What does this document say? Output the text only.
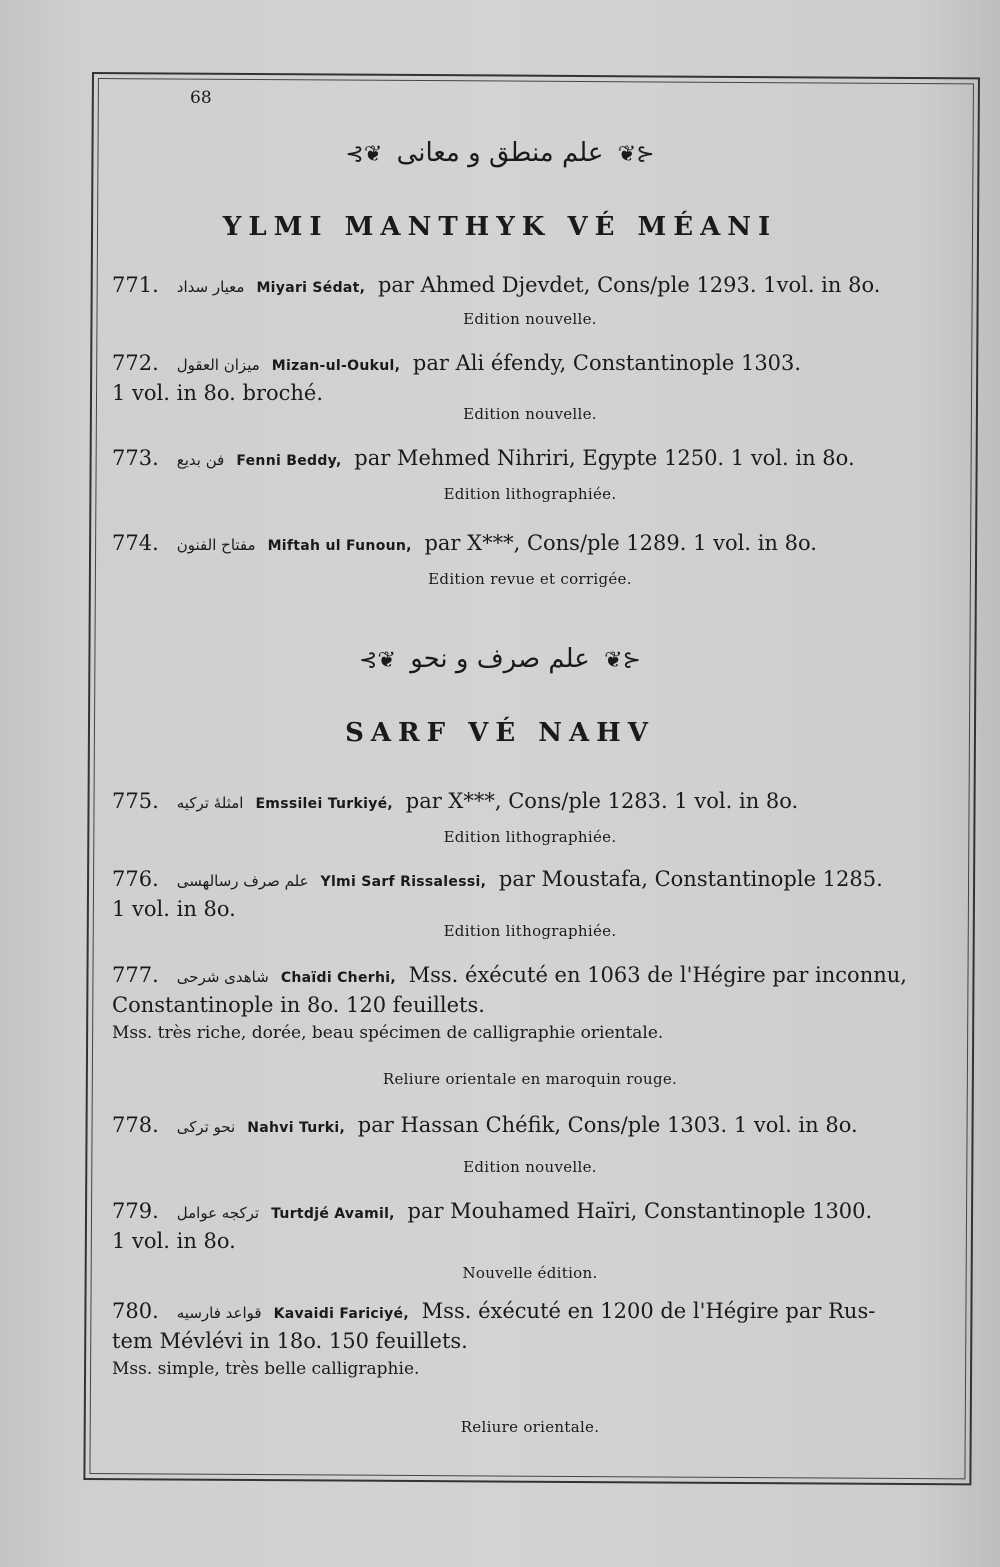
68
⊰❦ علم منطق و معانی ❦⊱
YLMI MANTHYK VÉ MÉANI
771. معیار سداد Miyari Sédat, par Ahmed Djevdet, Cons/ple 1293. 1vol. in 8o.
Edition nouvelle.
772. میزان العقول Mizan-ul-Oukul, par Ali éfendy, Constantinople 1303.
1 vol. in 8o. broché.
Edition nouvelle.
773. فن بدیع Fenni Beddy, par Mehmed Nihriri, Egypte 1250. 1 vol. in 8o.
Edition lithographiée.
774. مفتاح الفنون Miftah ul Funoun, par X***, Cons/ple 1289. 1 vol. in 8o.
Edition revue et corrigée.
⊰❦ علم صرف و نحو ❦⊱
SARF VÉ NAHV
775. امثلهٔ ترکیه Emssilei Turkiyé, par X***, Cons/ple 1283. 1 vol. in 8o.
Edition lithographiée.
776. علم صرف رسالهسی Ylmi Sarf Rissalessi, par Moustafa, Constantinople 1285.
1 vol. in 8o.
Edition lithographiée.
777. شاهدی شرحی Chaïdi Cherhi, Mss. éxécuté en 1063 de l'Hégire par inconnu,
Constantinople in 8o. 120 feuillets.
Mss. très riche, dorée, beau spécimen de calligraphie orientale.
Reliure orientale en maroquin rouge.
778. نحو ترکی Nahvi Turki, par Hassan Chéfik, Cons/ple 1303. 1 vol. in 8o.
Edition nouvelle.
779. ترکجه عوامل Turtdjé Avamil, par Mouhamed Haïri, Constantinople 1300.
1 vol. in 8o.
Nouvelle édition.
780. قواعد فارسیه Kavaidi Fariciyé, Mss. éxécuté en 1200 de l'Hégire par Rus-
tem Mévlévi in 18o. 150 feuillets.
Mss. simple, très belle calligraphie.
Reliure orientale.
